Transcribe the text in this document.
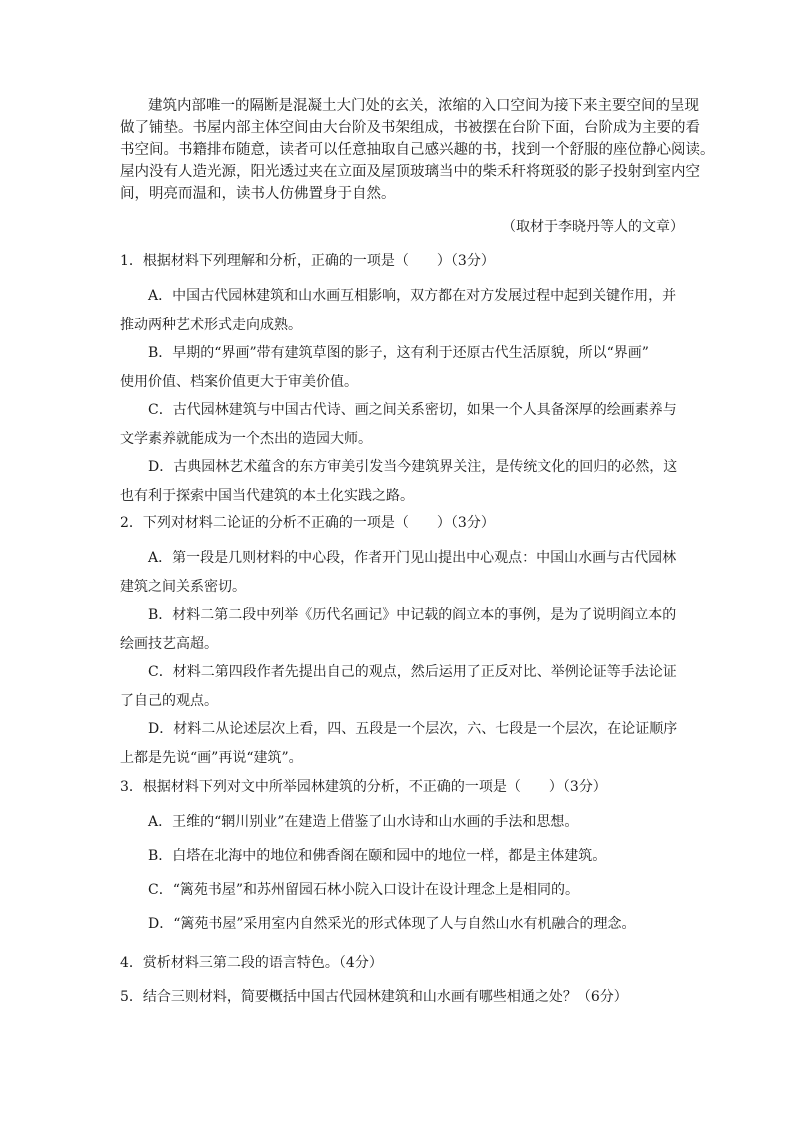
建筑内部唯一的隔断是混凝土大门处的玄关，浓缩的入口空间为接下来主要空间的呈现
做了铺垫。书屋内部主体空间由大台阶及书架组成，书被摆在台阶下面，台阶成为主要的看
书空间。书籍排布随意，读者可以任意抽取自己感兴趣的书，找到一个舒服的座位静心阅读。
屋内没有人造光源，阳光透过夹在立面及屋顶玻璃当中的柴禾秆将斑驳的影子投射到室内空
间，明亮而温和，读书人仿佛置身于自然。
（取材于李晓丹等人的文章）
1．根据材料下列理解和分析，正确的一项是（　　）（3分）
A．中国古代园林建筑和山水画互相影响，双方都在对方发展过程中起到关键作用，并
推动两种艺术形式走向成熟。
B．早期的“界画”带有建筑草图的影子，这有利于还原古代生活原貌，所以“界画”
使用价值、档案价值更大于审美价值。
C．古代园林建筑与中国古代诗、画之间关系密切，如果一个人具备深厚的绘画素养与
文学素养就能成为一个杰出的造园大师。
D．古典园林艺术蕴含的东方审美引发当今建筑界关注，是传统文化的回归的必然，这
也有利于探索中国当代建筑的本土化实践之路。
2．下列对材料二论证的分析不正确的一项是（　　）（3分）
A．第一段是几则材料的中心段，作者开门见山提出中心观点：中国山水画与古代园林
建筑之间关系密切。
B．材料二第二段中列举《历代名画记》中记载的阎立本的事例，是为了说明阎立本的
绘画技艺高超。
C．材料二第四段作者先提出自己的观点，然后运用了正反对比、举例论证等手法论证
了自己的观点。
D．材料二从论述层次上看，四、五段是一个层次，六、七段是一个层次，在论证顺序
上都是先说“画”再说“建筑”。
3．根据材料下列对文中所举园林建筑的分析，不正确的一项是（　　）（3分）
A．王维的“辋川别业”在建造上借鉴了山水诗和山水画的手法和思想。
B．白塔在北海中的地位和佛香阁在颐和园中的地位一样，都是主体建筑。
C．“篱苑书屋”和苏州留园石林小院入口设计在设计理念上是相同的。
D．“篱苑书屋”采用室内自然采光的形式体现了人与自然山水有机融合的理念。
4．赏析材料三第二段的语言特色。（4分）
5．结合三则材料，简要概括中国古代园林建筑和山水画有哪些相通之处？（6分）
